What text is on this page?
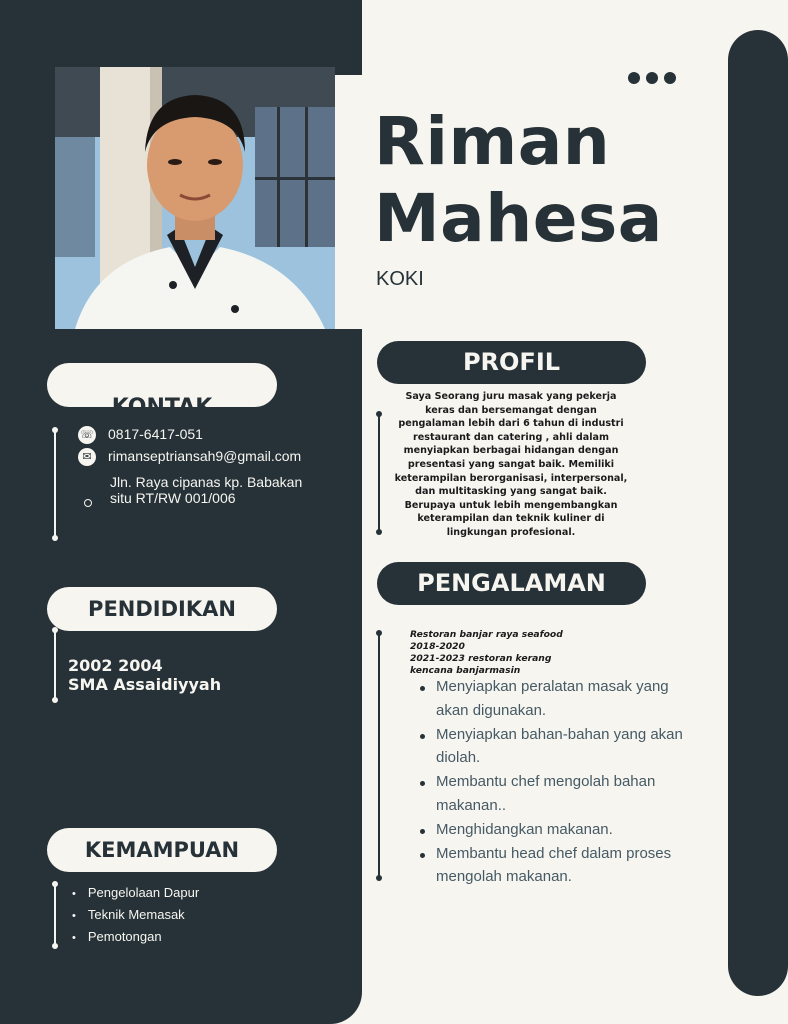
Riman
Mahesa
KOKI
KONTAK
☏ 0817-6417-051
✉	rimanseptriansah9@gmail.com
Jln. Raya cipanas kp. Babakan
situ RT/RW 001/006
PENDIDIKAN
2002 2004
SMA Assaidiyyah
KEMAMPUAN
• Pengelolaan Dapur
• Teknik Memasak
• Pemotongan
PROFIL
Saya Seorang juru masak yang pekerja keras dan bersemangat dengan pengalaman lebih dari 6 tahun di industri restaurant dan catering , ahli dalam menyiapkan berbagai hidangan dengan presentasi yang sangat baik. Memiliki keterampilan berorganisasi, interpersonal, dan multitasking yang sangat baik. Berupaya untuk lebih mengembangkan keterampilan dan teknik kuliner di lingkungan profesional.
PENGALAMAN
Restoran banjar raya seafood
2018-2020
2021-2023 restoran kerang
kencana banjarmasin
Menyiapkan peralatan masak yang akan digunakan.
Menyiapkan bahan-bahan yang akan diolah.
Membantu chef mengolah bahan makanan..
Menghidangkan makanan.
Membantu head chef dalam proses mengolah makanan.
